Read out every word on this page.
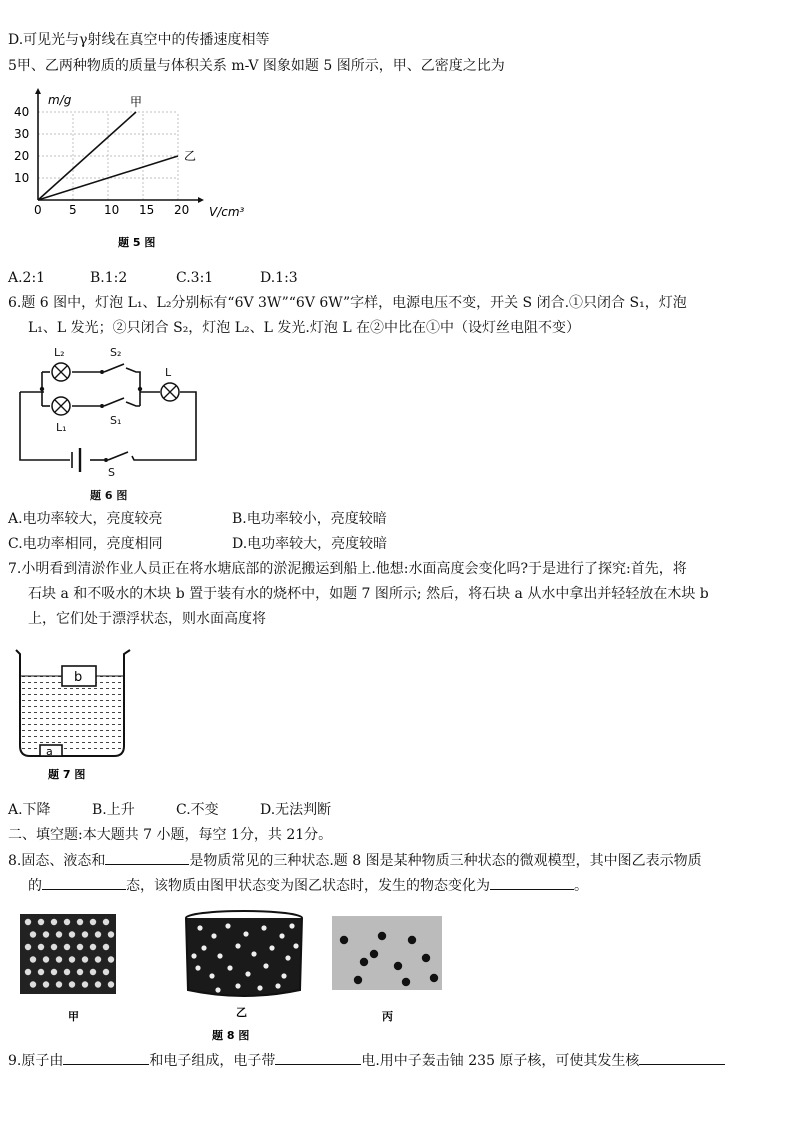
D.可见光与γ射线在真空中的传播速度相等
5甲、乙两种物质的质量与体积关系 m-V 图象如题 5 图所示，甲、乙密度之比为
0 5 10 15 20
10
20
30
40
甲
乙
m/g
V/cm³
题 5 图
A.2:1	B.1:2	C.3:1	D.1:3
6.题 6 图中，灯泡 L₁、L₂分别标有“6V 3W”“6V 6W”字样，电源电压不变，开关 S 闭合.①只闭合 S₁，灯泡
L₁、L 发光；②只闭合 S₂，灯泡 L₂、L 发光.灯泡 L 在②中比在①中（设灯丝电阻不变）
L₂	S₂
L
L₁
S₁
S
题 6 图
A.电功率较大，亮度较亮	B.电功率较小，亮度较暗
C.电功率相同，亮度相同	D.电功率较大，亮度较暗
7.小明看到清淤作业人员正在将水塘底部的淤泥搬运到船上.他想:水面高度会变化吗?于是进行了探究:首先，将
石块 a 和不吸水的木块 b 置于装有水的烧杯中，如题 7 图所示; 然后，将石块 a 从水中拿出并轻轻放在木块 b
上，它们处于漂浮状态，则水面高度将
b
a
题 7 图
A.下降	B.上升	C.不变	D.无法判断
二、填空题:本大题共 7 小题，每空 1分，共 21分。
8.固态、液态和	是物质常见的三种状态.题 8 图是某种物质三种状态的微观模型，其中图乙表示物质
的	态，该物质由图甲状态变为图乙状态时，发生的物态变化为	。
甲	乙	丙
题 8 图
9.原子由	和电子组成，电子带	电.用中子轰击铀 235 原子核，可使其发生核
